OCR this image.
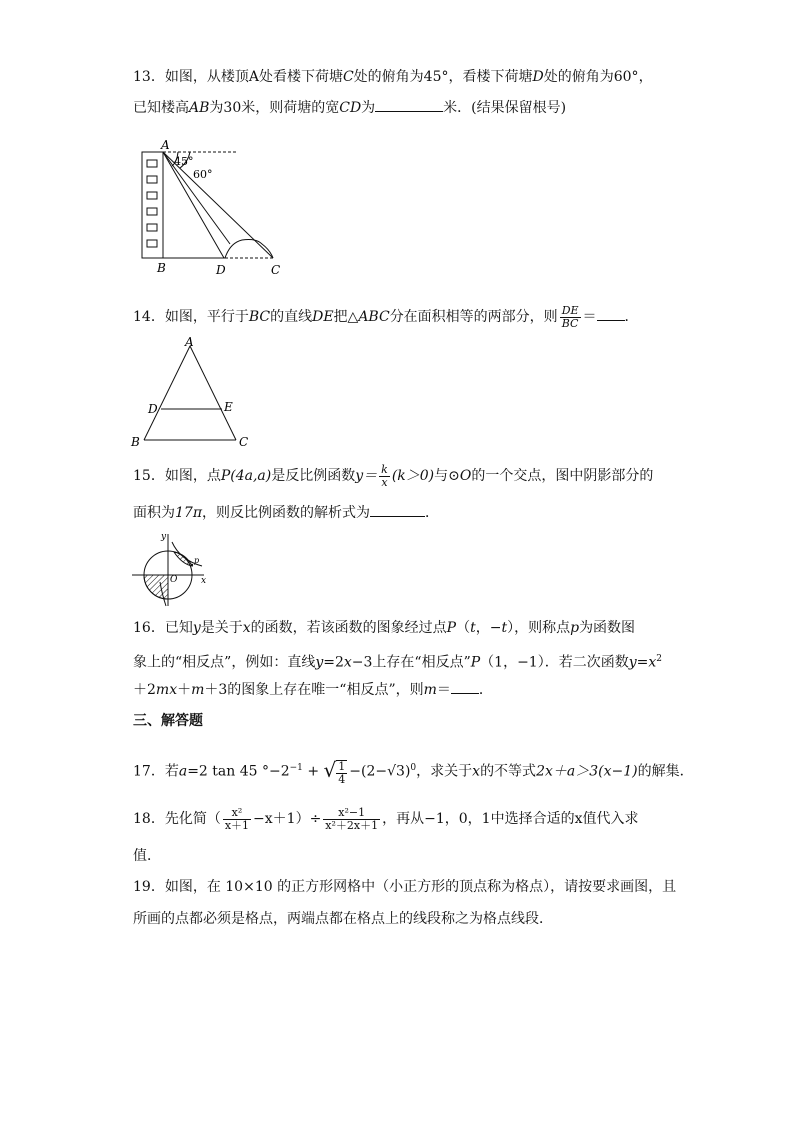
13．如图，从楼顶A处看楼下荷塘C处的俯角为45°，看楼下荷塘D处的俯角为60°，
已知楼高AB为30米，则荷塘的宽CD为	米．(结果保留根号)
A
45°
60°
B	D	C
14．如图，平行于BC的直线DE把△ABC分在面积相等的两部分，则 $\frac{DE}{BC}$ ＝ ．
A
D	E
B	C
15．如图，点P(4a,a)是反比例函数$y= \frac{k}{x} (k>0)$与⊙O的一个交点，图中阴影部分的
面积为17π，则反比例函数的解析式为	．
y
x
O
p
16．已知y是关于x的函数，若该函数的图象经过点P（t，−t），则称点p为函数图
象上的“相反点”，例如：直线y=2x−3上存在“相反点”P（1，−1）．若二次函数$y=x^2$
＋2mx＋m＋3的图象上存在唯一“相反点”，则m＝ ．
三、解答题
17．若a=2 tan 45 $^\circ-2^{-1}$ + √ $\frac{1}{4} -(2-√3)^0$，求关于x的不等式2x＋a＞3(x−1)的解集．
18．先化简（ $\frac{\text{x²}}{x+1} -x+1)\div \frac{\text{x²−1}}{\text{x²＋2x＋1}}$ ，再从−1，0，1中选择合适的x值代入求
值．
19．如图，在 10×10 的正方形网格中（小正方形的顶点称为格点），请按要求画图，且
所画的点都必须是格点，两端点都在格点上的线段称之为格点线段．
